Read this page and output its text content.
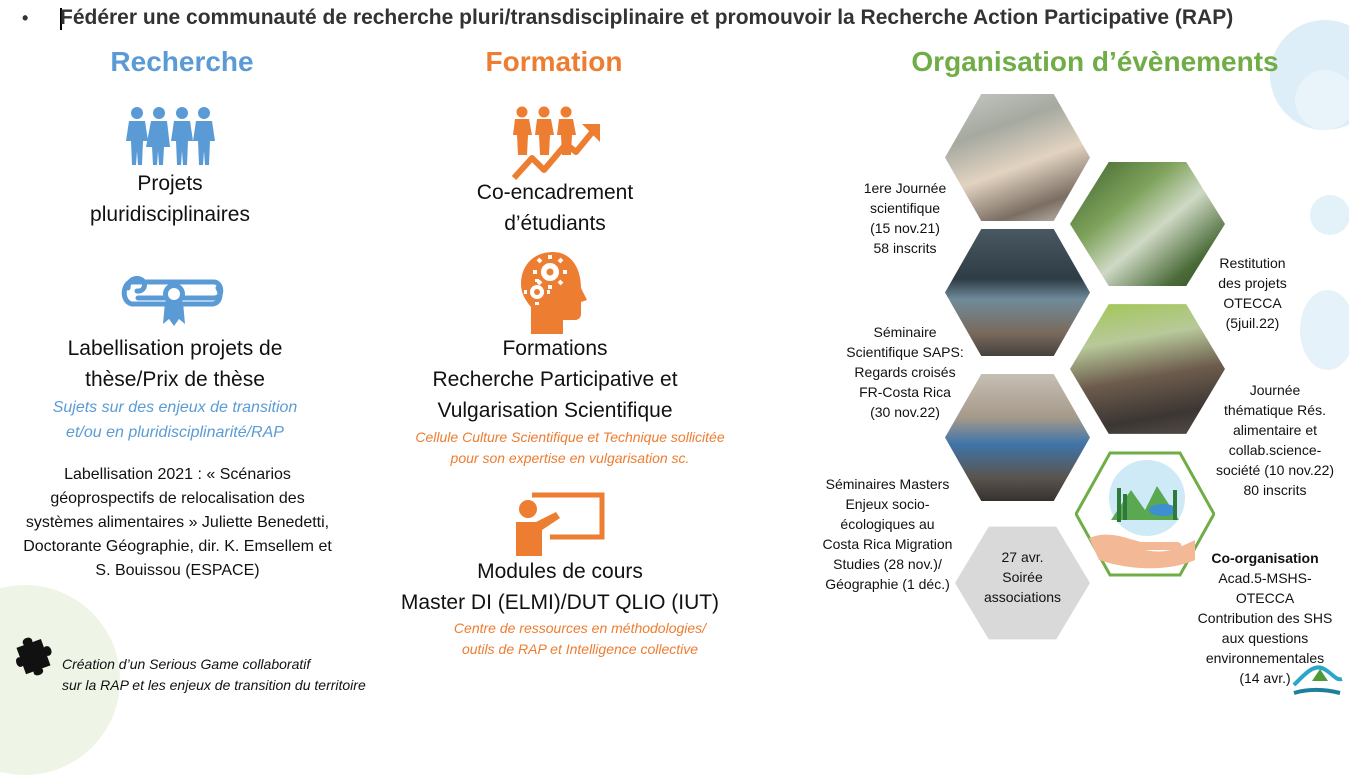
• Fédérer une communauté de recherche pluri/transdisciplinaire et promouvoir la Recherche Action Participative (RAP)
Recherche
Projets
pluridisciplinaires
Labellisation projets de
thèse/Prix de thèse
Sujets sur des enjeux de transition
et/ou en pluridisciplinarité/RAP
Labellisation 2021 : « Scénarios
géoprospectifs de relocalisation des
systèmes alimentaires » Juliette Benedetti,
Doctorante Géographie, dir. K. Emsellem et
S. Bouissou (ESPACE)
Création d’un Serious Game collaboratif
sur la RAP et les enjeux de transition du territoire
Formation
Co-encadrement
d’étudiants
Formations
Recherche Participative et
Vulgarisation Scientifique
Cellule Culture Scientifique et Technique sollicitée
pour son expertise en vulgarisation sc.
Modules de cours
Master DI (ELMI)/DUT QLIO (IUT)
Centre de ressources en méthodologies/
outils de RAP et Intelligence collective
Organisation d’évènements
27 avr.
Soirée
associations
1ere Journée
scientifique
(15 nov.21)
58 inscrits
Restitution
des projets
OTECCA
(5juil.22)
Séminaire
Scientifique SAPS:
Regards croisés
FR-Costa Rica
(30 nov.22)
Journée
thématique Rés.
alimentaire et
collab.science-
société (10 nov.22)
80 inscrits
Séminaires Masters
Enjeux socio-
écologiques au
Costa Rica Migration
Studies (28 nov.)/
Géographie (1 déc.)
Co-organisation
Acad.5-MSHS-OTECCA
Contribution des SHS
aux questions
environnementales
(14 avr.)
